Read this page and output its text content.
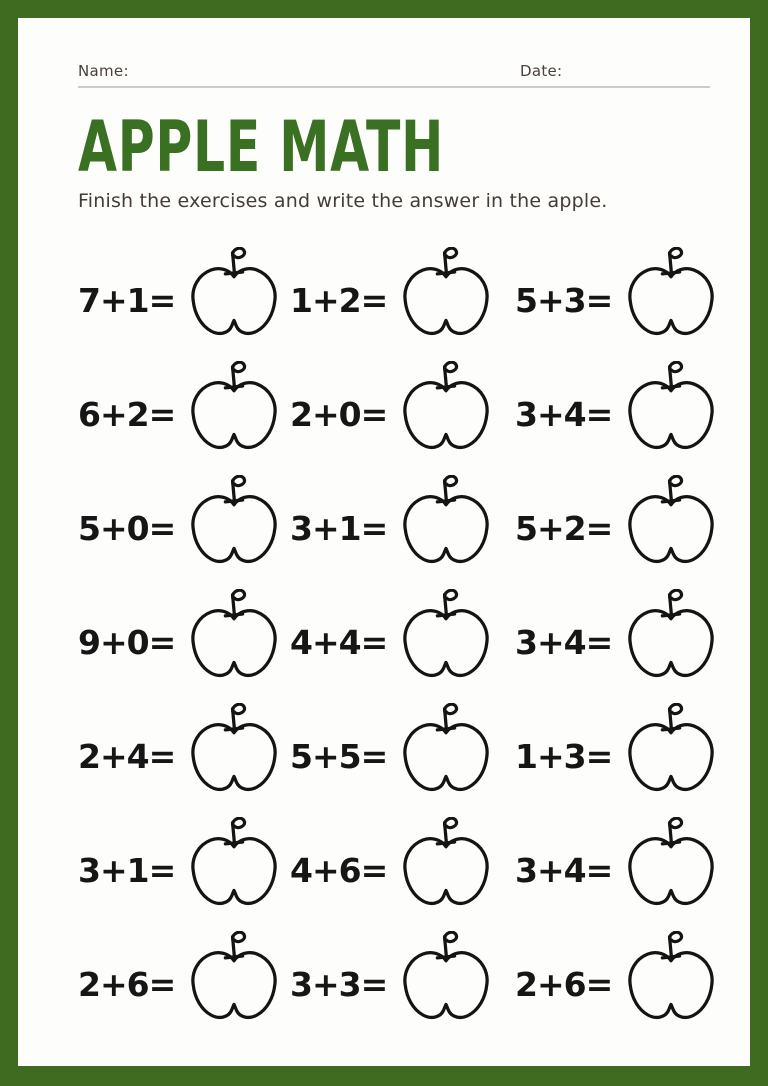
Name:	Date:
APPLE MATH
Finish the exercises and write the answer in the apple.
7+1=	1+2=	5+3=
6+2=	2+0=	3+4=
5+0=	3+1=	5+2=
9+0=	4+4=	3+4=
2+4=	5+5=	1+3=
3+1=	4+6=	3+4=
2+6=	3+3=	2+6=
